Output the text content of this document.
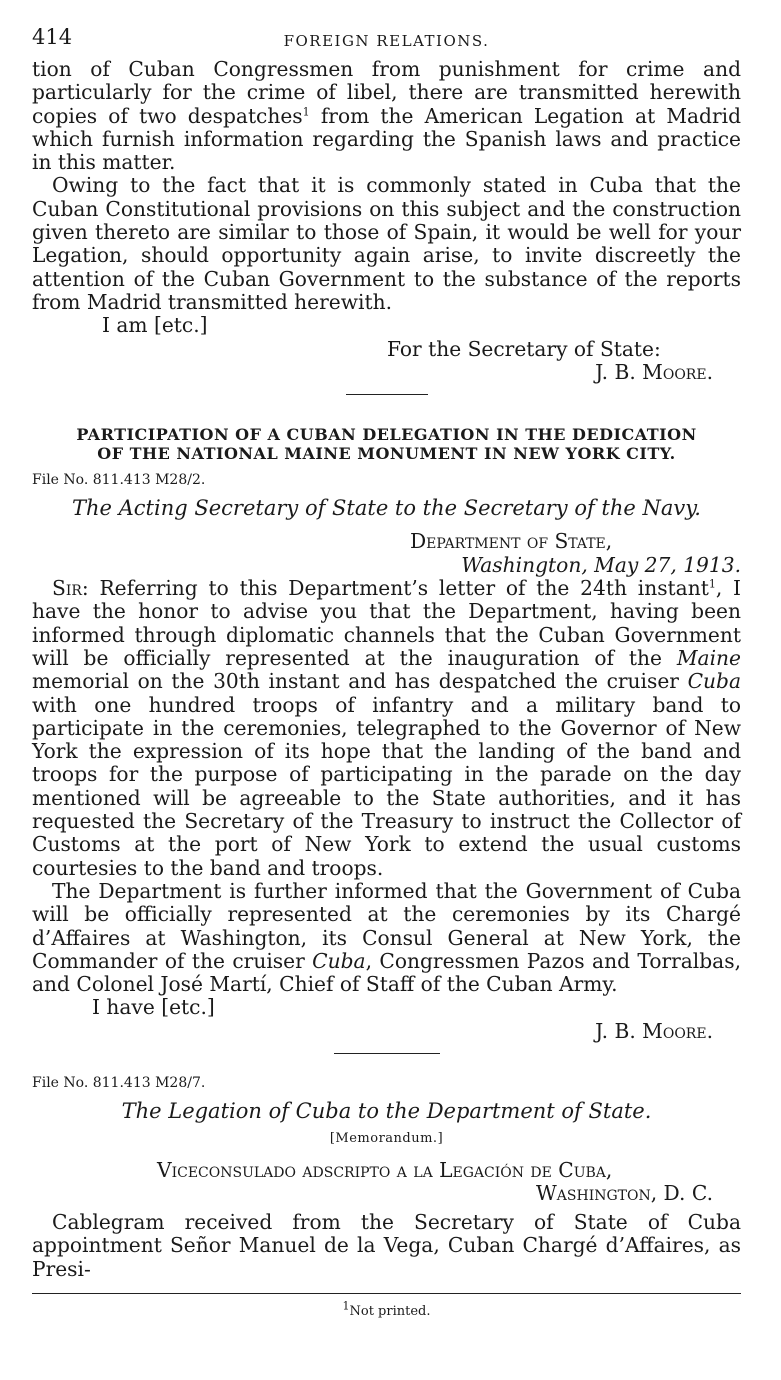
414	FOREIGN RELATIONS.

tion of Cuban Congressmen from punishment for crime and particularly for the crime of libel, there are transmitted herewith copies of two despatches$^1$ from the American Legation at Madrid which furnish information regarding the Spanish laws and practice in this matter.

Owing to the fact that it is commonly stated in Cuba that the Cuban Constitutional provisions on this subject and the construction given thereto are similar to those of Spain, it would be well for your Legation, should opportunity again arise, to invite discreetly the attention of the Cuban Government to the substance of the reports from Madrid transmitted herewith.

I am [etc.]

For the Secretary of State:
J. B. Moore.
PARTICIPATION OF A CUBAN DELEGATION IN THE DEDICATION
OF THE NATIONAL MAINE MONUMENT IN NEW YORK CITY.
File No. 811.413 M28/2.
The Acting Secretary of State to the Secretary of the Navy.
Department of State,
Washington, May 27, 1913.

Sir: Referring to this Department’s letter of the 24th instant$^1$, I have the honor to advise you that the Department, having been informed through diplomatic channels that the Cuban Government will be officially represented at the inauguration of the Maine memorial on the 30th instant and has despatched the cruiser Cuba with one hundred troops of infantry and a military band to participate in the ceremonies, telegraphed to the Governor of New York the expression of its hope that the landing of the band and troops for the purpose of participating in the parade on the day mentioned will be agreeable to the State authorities, and it has requested the Secretary of the Treasury to instruct the Collector of Customs at the port of New York to extend the usual customs courtesies to the band and troops.

The Department is further informed that the Government of Cuba will be officially represented at the ceremonies by its Chargé d’Affaires at Washington, its Consul General at New York, the Commander of the cruiser Cuba, Congressmen Pazos and Torralbas, and Colonel José Martí, Chief of Staff of the Cuban Army.

I have [etc.]

J. B. Moore.
File No. 811.413 M28/7.
The Legation of Cuba to the Department of State.
[Memorandum.]
Viceconsulado adscripto a la Legación de Cuba,
Washington, D. C.

Cablegram received from the Secretary of State of Cuba appointment Señor Manuel de la Vega, Cuban Chargé d’Affaires, as Presi-

$^1$Not printed.
